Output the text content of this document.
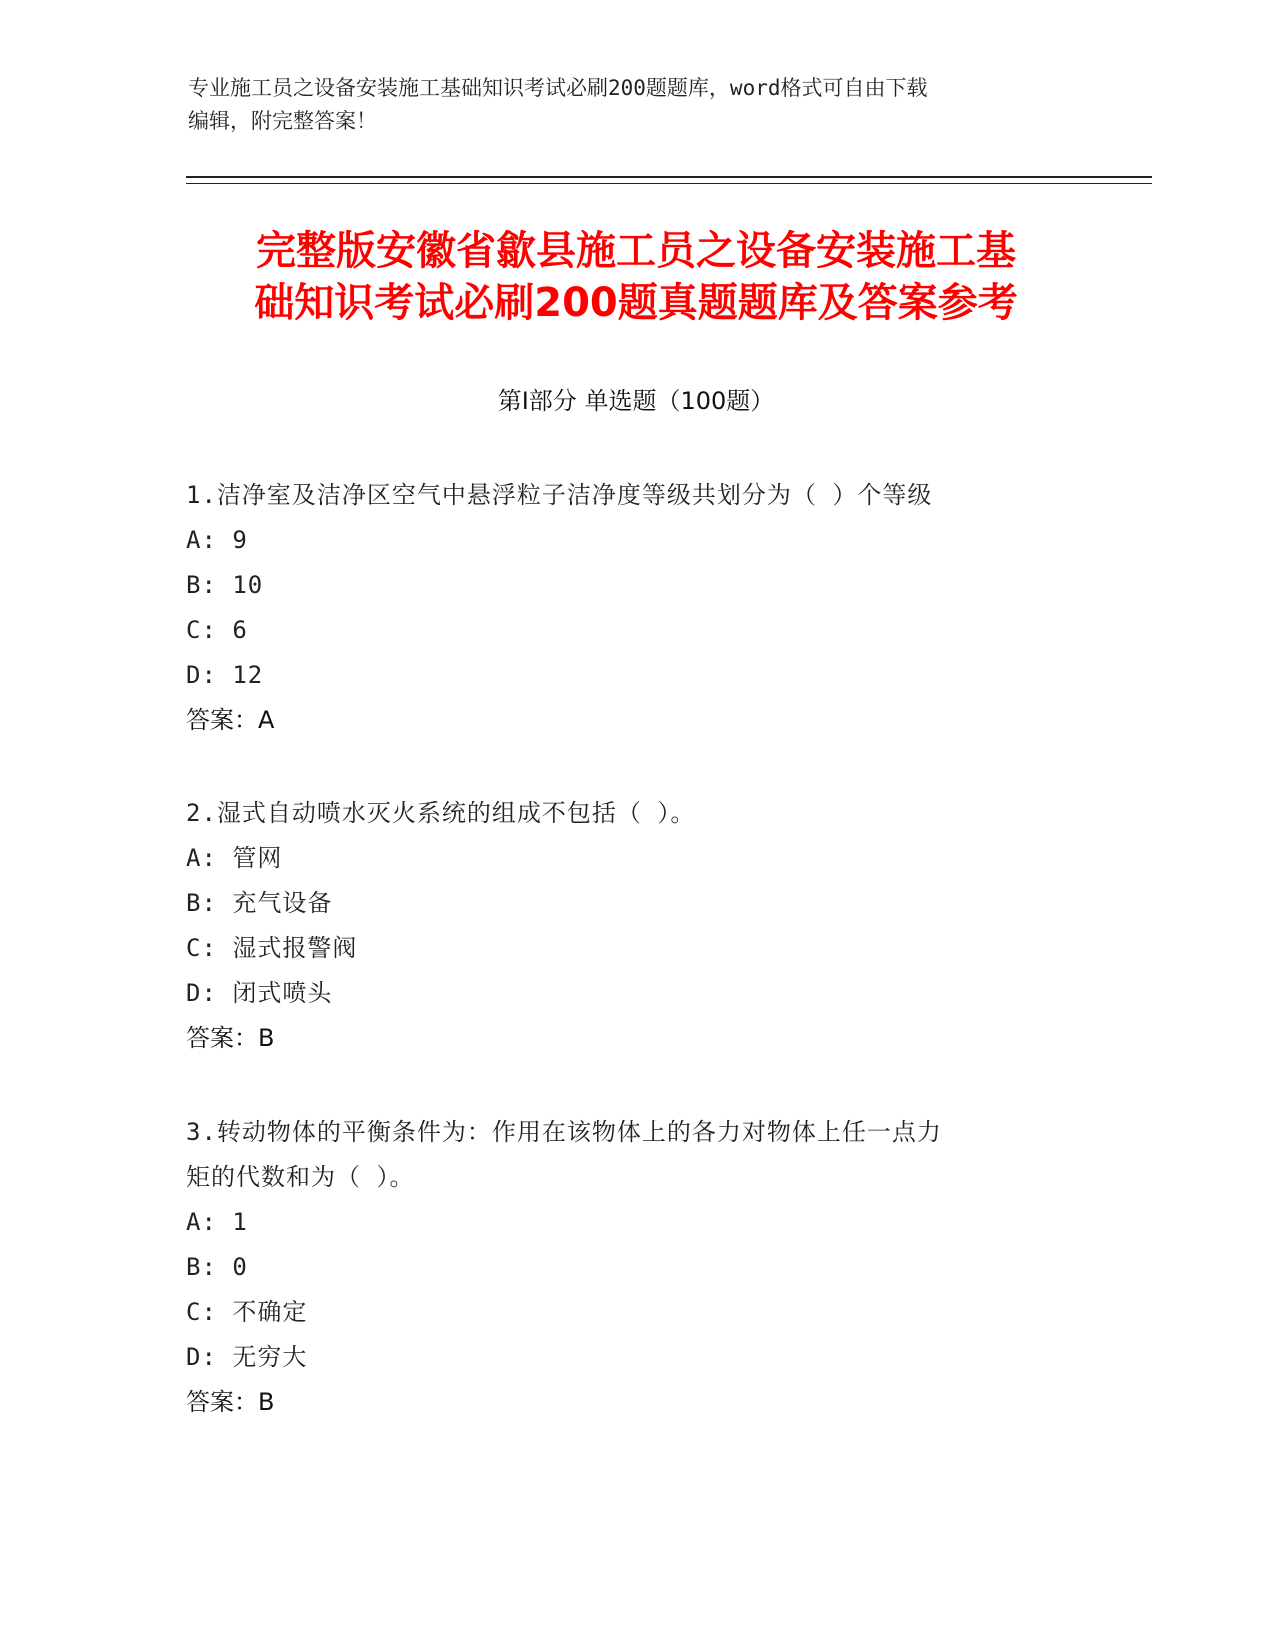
专业施工员之设备安装施工基础知识考试必刷200题题库，word格式可自由下载
编辑，附完整答案！
完整版安徽省歙县施工员之设备安装施工基
础知识考试必刷200题真题题库及答案参考
第Ⅰ部分 单选题（100题）
1.洁净室及洁净区空气中悬浮粒子洁净度等级共划分为（ ）个等级
A: 9
B: 10
C: 6
D: 12
答案：A
2.湿式自动喷水灭火系统的组成不包括（ ）。
A: 管网
B: 充气设备
C: 湿式报警阀
D: 闭式喷头
答案：B
3.转动物体的平衡条件为：作用在该物体上的各力对物体上任一点力
矩的代数和为（ ）。
A: 1
B: 0
C: 不确定
D: 无穷大
答案：B
